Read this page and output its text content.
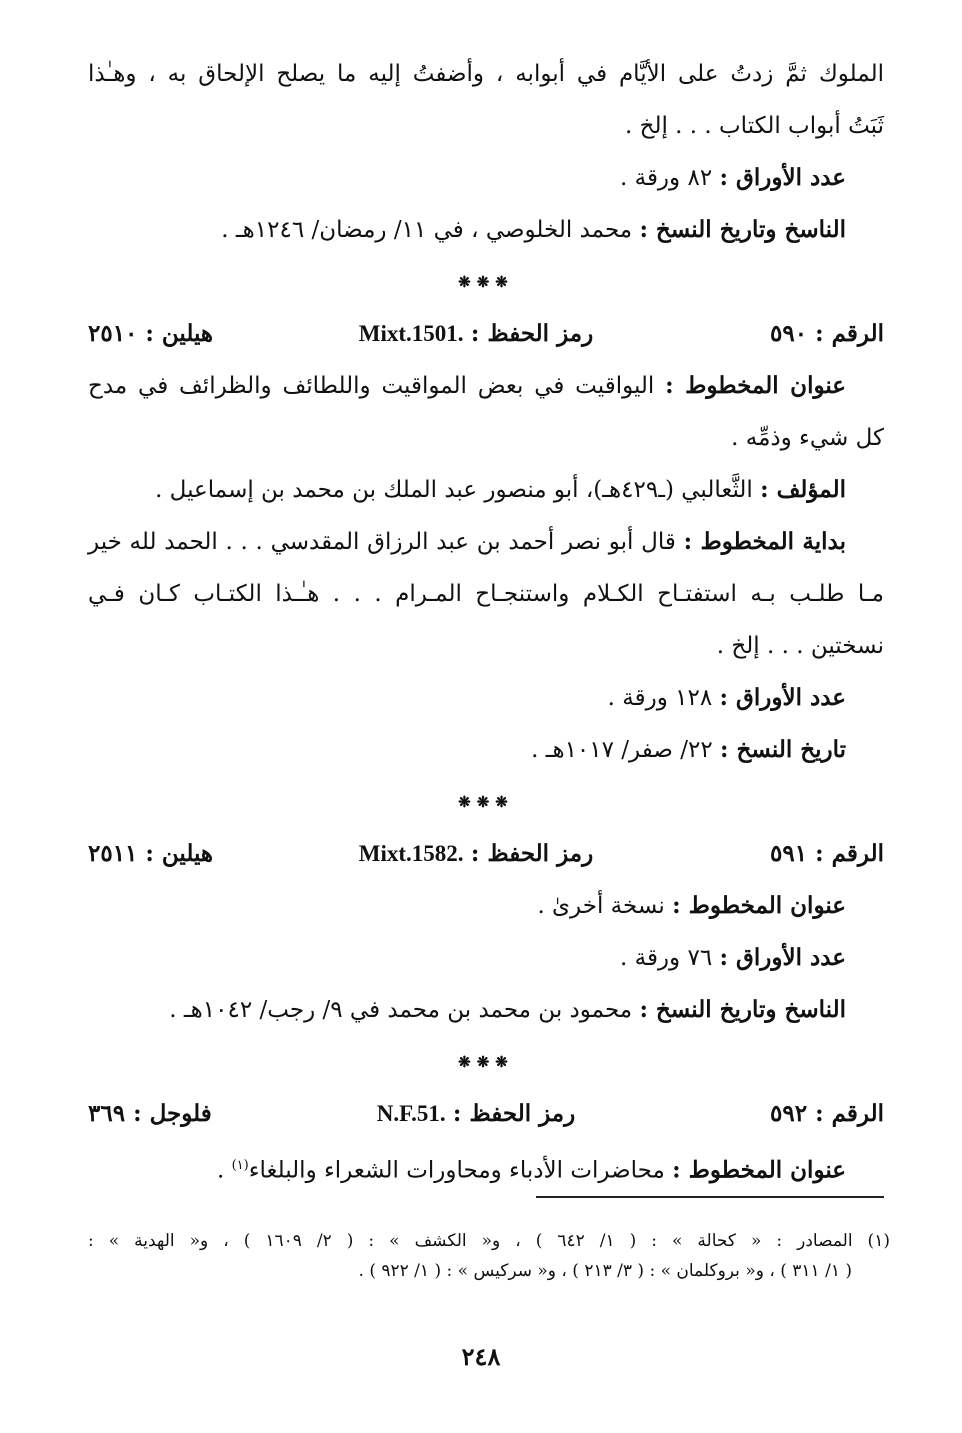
الملوك ثمَّ زدتُ على الأيَّام في أبوابه ، وأضفتُ إليه ما يصلح الإلحاق به ، وهـٰذا
ثَبَتُ أبواب الكتاب . . . إلخ .
عدد الأوراق : ٨٢ ورقة .
الناسخ وتاريخ النسخ : محمد الخلوصي ، في ١١/ رمضان/ ١٢٤٦هـ .
❋❋❋
الرقم : ٥٩٠
رمز الحفظ : Mixt.1501.
هيلين : ٢٥١٠
عنوان المخطوط : اليواقيت في بعض المواقيت واللطائف والظرائف في مدح
كل شيء وذمِّه .
المؤلف : الثَّعالبي (ـ٤٢٩هـ)، أبو منصور عبد الملك بن محمد بن إسماعيل .
بداية المخطوط : قال أبو نصر أحمد بن عبد الرزاق المقدسي . . . الحمد لله خير
مـا طلـب بـه استفتـاح الكـلام واستنجـاح المـرام . . . هـٰـذا الكتـاب كـان فـي
نسختين . . . إلخ .
عدد الأوراق : ١٢٨ ورقة .
تاريخ النسخ : ٢٢/ صفر/ ١٠١٧هـ .
❋❋❋
الرقم : ٥٩١
رمز الحفظ : Mixt.1582.
هيلين : ٢٥١١
عنوان المخطوط : نسخة أخرىٰ .
عدد الأوراق : ٧٦ ورقة .
الناسخ وتاريخ النسخ : محمود بن محمد بن محمد في ٩/ رجب/ ١٠٤٢هـ .
❋❋❋
الرقم : ٥٩٢
رمز الحفظ : N.F.51.
فلوجل : ٣٦٩
عنوان المخطوط : محاضرات الأدباء ومحاورات الشعراء والبلغاء$^{(١)}$ .
(١) المصادر : « كحالة » : ( ١/ ٦٤٢ ) ، و« الكشف » : ( ٢/ ١٦٠٩ ) ، و« الهدية » :
( ١/ ٣١١ ) ، و« بروكلمان » : ( ٣/ ٢١٣ ) ، و« سركيس » : ( ١/ ٩٢٢ ) .
٢٤٨
